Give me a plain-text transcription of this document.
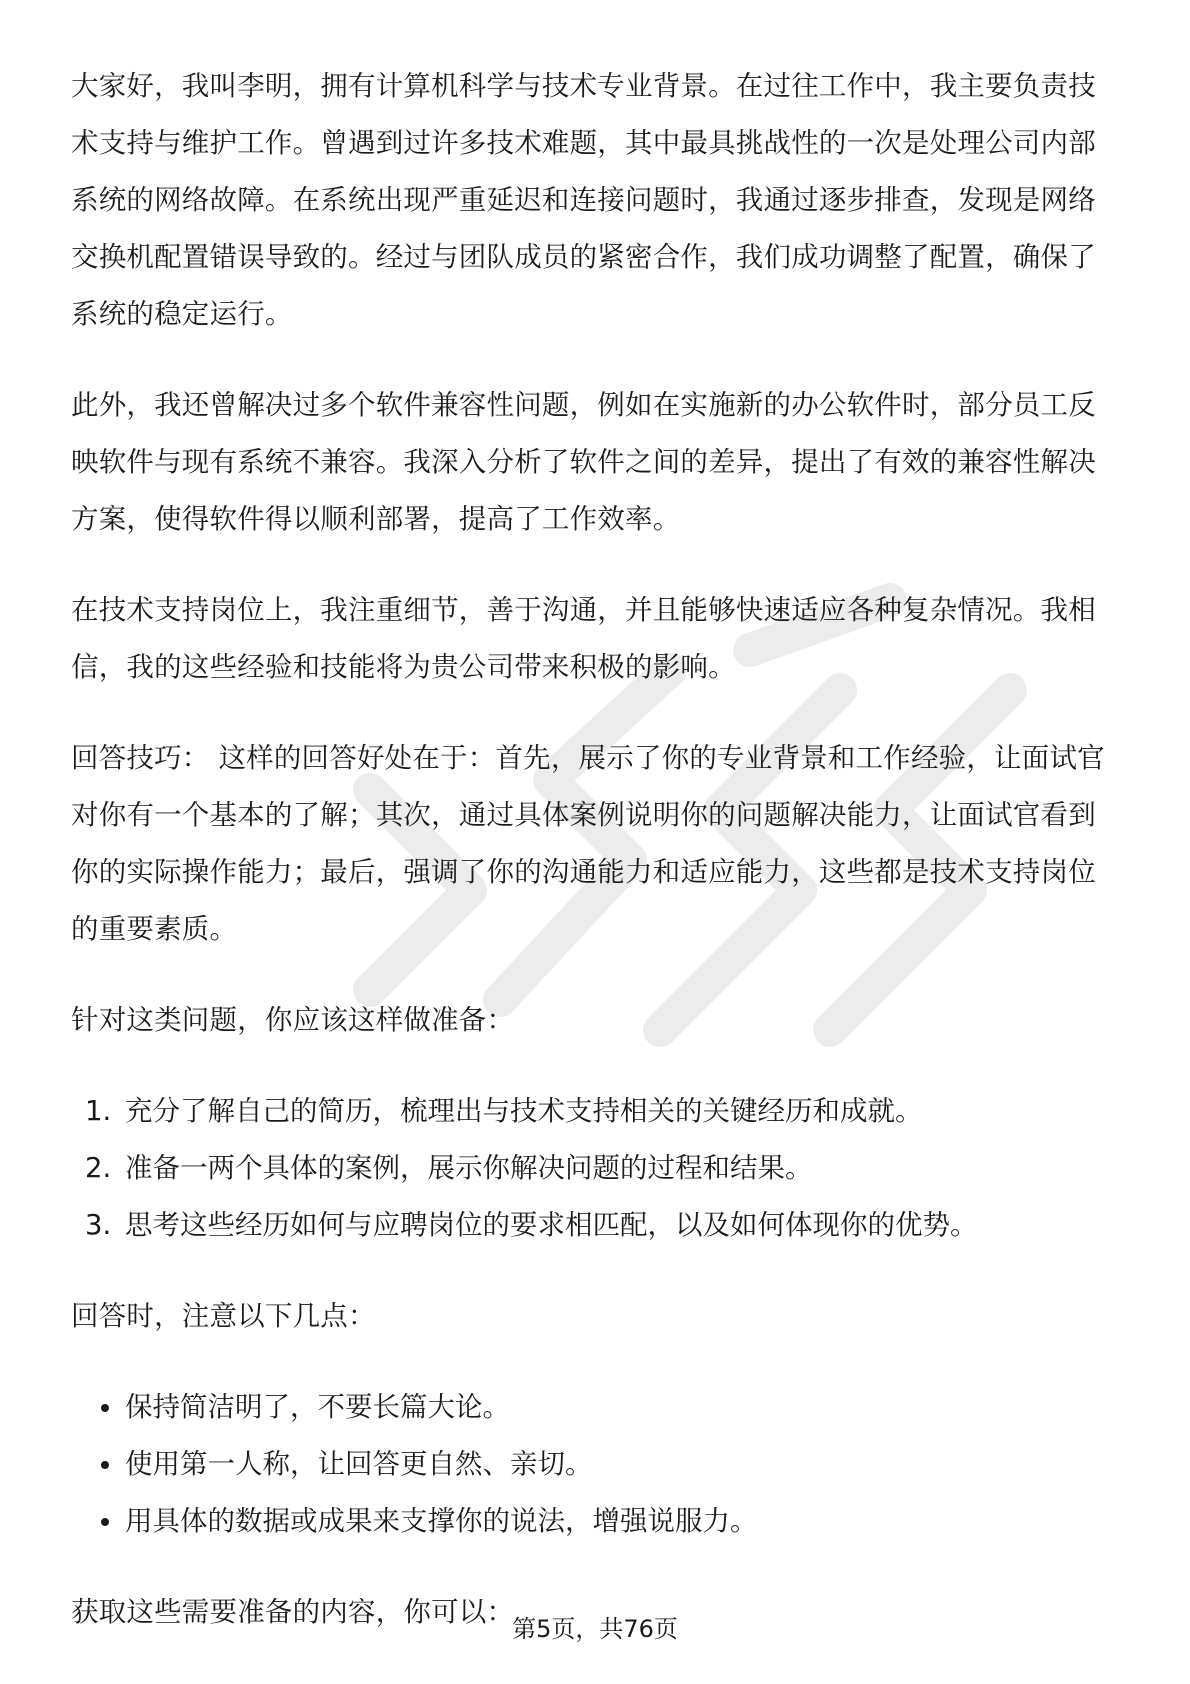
大家好，我叫李明，拥有计算机科学与技术专业背景。在过往工作中，我主要负责技术支持与维护工作。曾遇到过许多技术难题，其中最具挑战性的一次是处理公司内部系统的网络故障。在系统出现严重延迟和连接问题时，我通过逐步排查，发现是网络交换机配置错误导致的。经过与团队成员的紧密合作，我们成功调整了配置，确保了系统的稳定运行。

此外，我还曾解决过多个软件兼容性问题，例如在实施新的办公软件时，部分员工反映软件与现有系统不兼容。我深入分析了软件之间的差异，提出了有效的兼容性解决方案，使得软件得以顺利部署，提高了工作效率。

在技术支持岗位上，我注重细节，善于沟通，并且能够快速适应各种复杂情况。我相信，我的这些经验和技能将为贵公司带来积极的影响。

回答技巧： 这样的回答好处在于：首先，展示了你的专业背景和工作经验，让面试官对你有一个基本的了解；其次，通过具体案例说明你的问题解决能力，让面试官看到你的实际操作能力；最后，强调了你的沟通能力和适应能力，这些都是技术支持岗位的重要素质。

针对这类问题，你应该这样做准备：

1. 充分了解自己的简历，梳理出与技术支持相关的关键经历和成就。
2. 准备一两个具体的案例，展示你解决问题的过程和结果。
3. 思考这些经历如何与应聘岗位的要求相匹配，以及如何体现你的优势。

回答时，注意以下几点：

保持简洁明了，不要长篇大论。
使用第一人称，让回答更自然、亲切。
用具体的数据或成果来支撑你的说法，增强说服力。

获取这些需要准备的内容，你可以：

第5页，共76页
